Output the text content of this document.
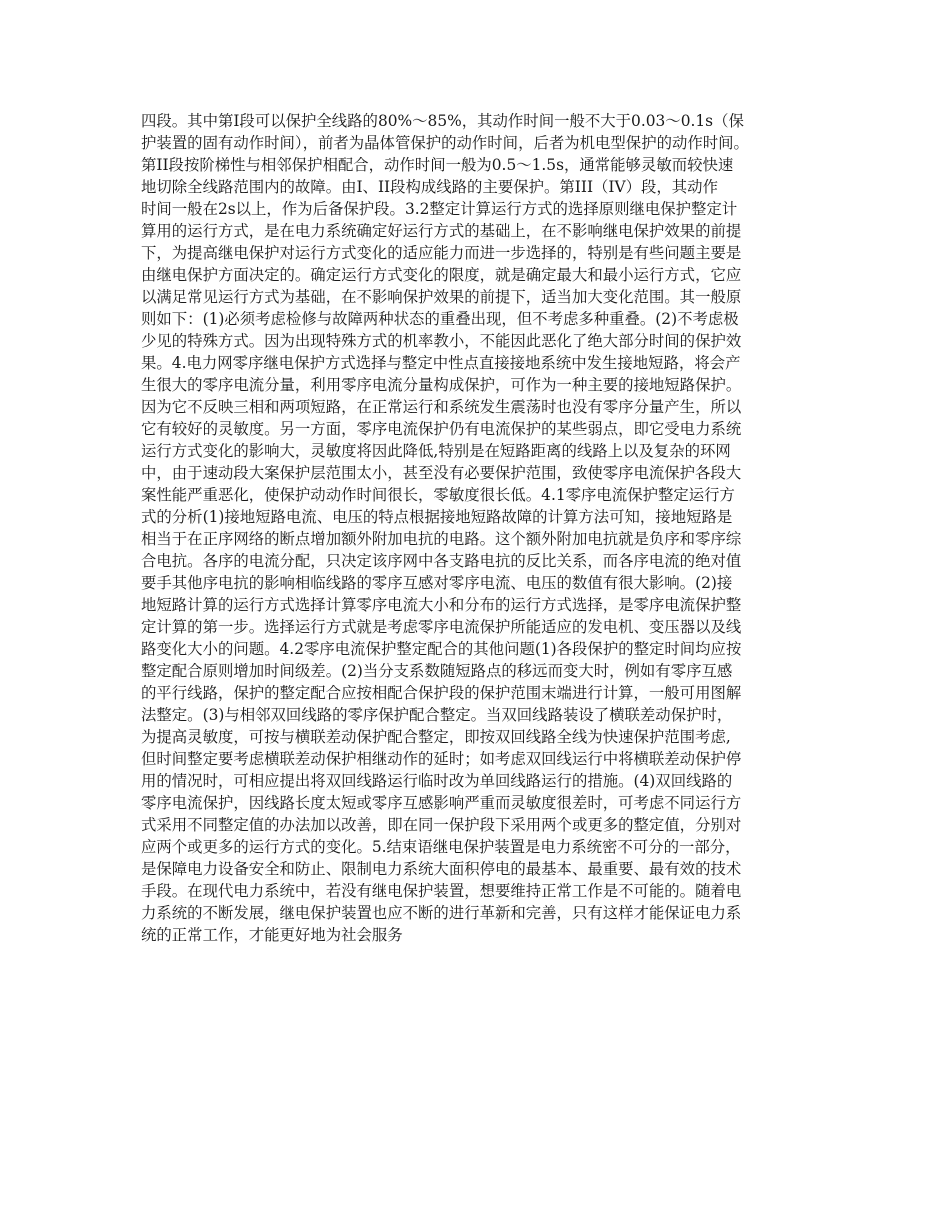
四段。其中第Ⅰ段可以保护全线路的80%～85%，其动作时间一般不大于0.03～0.1s（保
护装置的固有动作时间），前者为晶体管保护的动作时间，后者为机电型保护的动作时间。
第II段按阶梯性与相邻保护相配合，动作时间一般为0.5～1.5s，通常能够灵敏而较快速
地切除全线路范围内的故障。由Ⅰ、II段构成线路的主要保护。第III（IV）段，其动作
时间一般在2s以上，作为后备保护段。3.2整定计算运行方式的选择原则继电保护整定计
算用的运行方式，是在电力系统确定好运行方式的基础上，在不影响继电保护效果的前提
下，为提高继电保护对运行方式变化的适应能力而进一步选择的，特别是有些问题主要是
由继电保护方面决定的。确定运行方式变化的限度，就是确定最大和最小运行方式，它应
以满足常见运行方式为基础，在不影响保护效果的前提下，适当加大变化范围。其一般原
则如下：(1)必须考虑检修与故障两种状态的重叠出现，但不考虑多种重叠。(2)不考虑极
少见的特殊方式。因为出现特殊方式的机率教小，不能因此恶化了绝大部分时间的保护效
果。4.电力网零序继电保护方式选择与整定中性点直接接地系统中发生接地短路，将会产
生很大的零序电流分量，利用零序电流分量构成保护，可作为一种主要的接地短路保护。
因为它不反映三相和两项短路，在正常运行和系统发生震荡时也没有零序分量产生，所以
它有较好的灵敏度。另一方面，零序电流保护仍有电流保护的某些弱点，即它受电力系统
运行方式变化的影响大，灵敏度将因此降低,特别是在短路距离的线路上以及复杂的环网
中，由于速动段大案保护层范围太小，甚至没有必要保护范围，致使零序电流保护各段大
案性能严重恶化，使保护动动作时间很长，零敏度很长低。4.1零序电流保护整定运行方
式的分析(1)接地短路电流、电压的特点根据接地短路故障的计算方法可知，接地短路是
相当于在正序网络的断点增加额外附加电抗的电路。这个额外附加电抗就是负序和零序综
合电抗。各序的电流分配，只决定该序网中各支路电抗的反比关系，而各序电流的绝对值
要手其他序电抗的影响相临线路的零序互感对零序电流、电压的数值有很大影响。(2)接
地短路计算的运行方式选择计算零序电流大小和分布的运行方式选择，是零序电流保护整
定计算的第一步。选择运行方式就是考虑零序电流保护所能适应的发电机、变压器以及线
路变化大小的问题。4.2零序电流保护整定配合的其他问题(1)各段保护的整定时间均应按
整定配合原则增加时间级差。(2)当分支系数随短路点的移远而变大时，例如有零序互感
的平行线路，保护的整定配合应按相配合保护段的保护范围末端进行计算，一般可用图解
法整定。(3)与相邻双回线路的零序保护配合整定。当双回线路装设了横联差动保护时，
为提高灵敏度，可按与横联差动保护配合整定，即按双回线路全线为快速保护范围考虑,
但时间整定要考虑横联差动保护相继动作的延时；如考虑双回线运行中将横联差动保护停
用的情况时，可相应提出将双回线路运行临时改为单回线路运行的措施。(4)双回线路的
零序电流保护，因线路长度太短或零序互感影响严重而灵敏度很差时，可考虑不同运行方
式采用不同整定值的办法加以改善，即在同一保护段下采用两个或更多的整定值，分别对
应两个或更多的运行方式的变化。5.结束语继电保护装置是电力系统密不可分的一部分，
是保障电力设备安全和防止、限制电力系统大面积停电的最基本、最重要、最有效的技术
手段。在现代电力系统中，若没有继电保护装置，想要维持正常工作是不可能的。随着电
力系统的不断发展，继电保护装置也应不断的进行革新和完善，只有这样才能保证电力系
统的正常工作，才能更好地为社会服务
